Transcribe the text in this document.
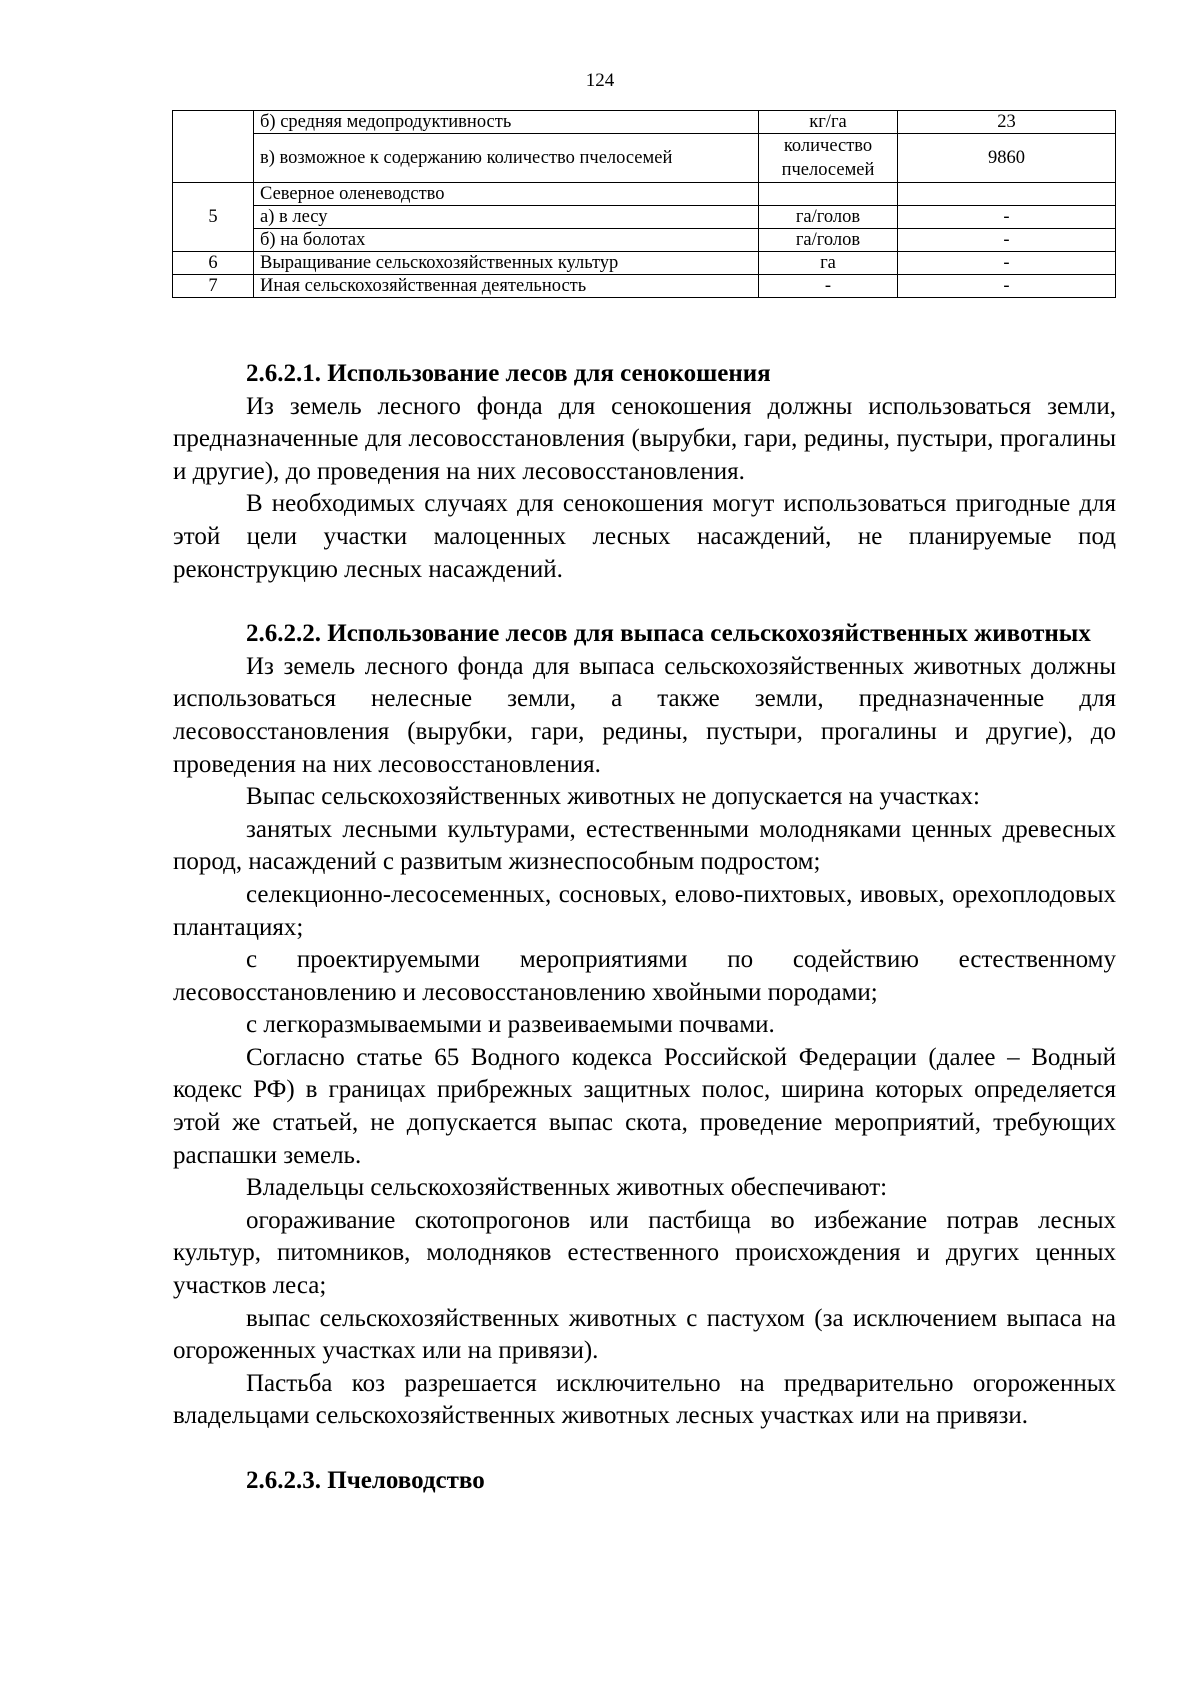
124
	б) средняя медопродуктивность	кг/га	23
	в) возможное к содержанию количество пчелосемей	количество пчелосемей	9860
5	Северное оленеводство		
	а) в лесу	га/голов	-
	б) на болотах	га/голов	-
6	Выращивание сельскохозяйственных культур	га	-
7	Иная сельскохозяйственная деятельность	-	-
2.6.2.1. Использование лесов для сенокошения

Из земель лесного фонда для сенокошения должны использоваться земли, предназначенные для лесовосстановления (вырубки, гари, редины, пустыри, прогалины и другие), до проведения на них лесовосстановления.

В необходимых случаях для сенокошения могут использоваться пригодные для этой цели участки малоценных лесных насаждений, не планируемые под реконструкцию лесных насаждений.

2.6.2.2. Использование лесов для выпаса сельскохозяйственных животных

Из земель лесного фонда для выпаса сельскохозяйственных животных должны использоваться нелесные земли, а также земли, предназначенные для лесовосстановления (вырубки, гари, редины, пустыри, прогалины и другие), до проведения на них лесовосстановления.

Выпас сельскохозяйственных животных не допускается на участках:

занятых лесными культурами, естественными молодняками ценных древесных пород, насаждений с развитым жизнеспособным подростом;

селекционно-лесосеменных, сосновых, елово-пихтовых, ивовых, орехоплодовых плантациях;

с проектируемыми мероприятиями по содействию естественному лесовосстановлению и лесовосстановлению хвойными породами;

с легкоразмываемыми и развеиваемыми почвами.

Согласно статье 65 Водного кодекса Российской Федерации (далее – Водный кодекс РФ) в границах прибрежных защитных полос, ширина которых определяется этой же статьей, не допускается выпас скота, проведение мероприятий, требующих распашки земель.

Владельцы сельскохозяйственных животных обеспечивают:

огораживание скотопрогонов или пастбища во избежание потрав лесных культур, питомников, молодняков естественного происхождения и других ценных участков леса;

выпас сельскохозяйственных животных с пастухом (за исключением выпаса на огороженных участках или на привязи).

Пастьба коз разрешается исключительно на предварительно огороженных владельцами сельскохозяйственных животных лесных участках или на привязи.

2.6.2.3. Пчеловодство
